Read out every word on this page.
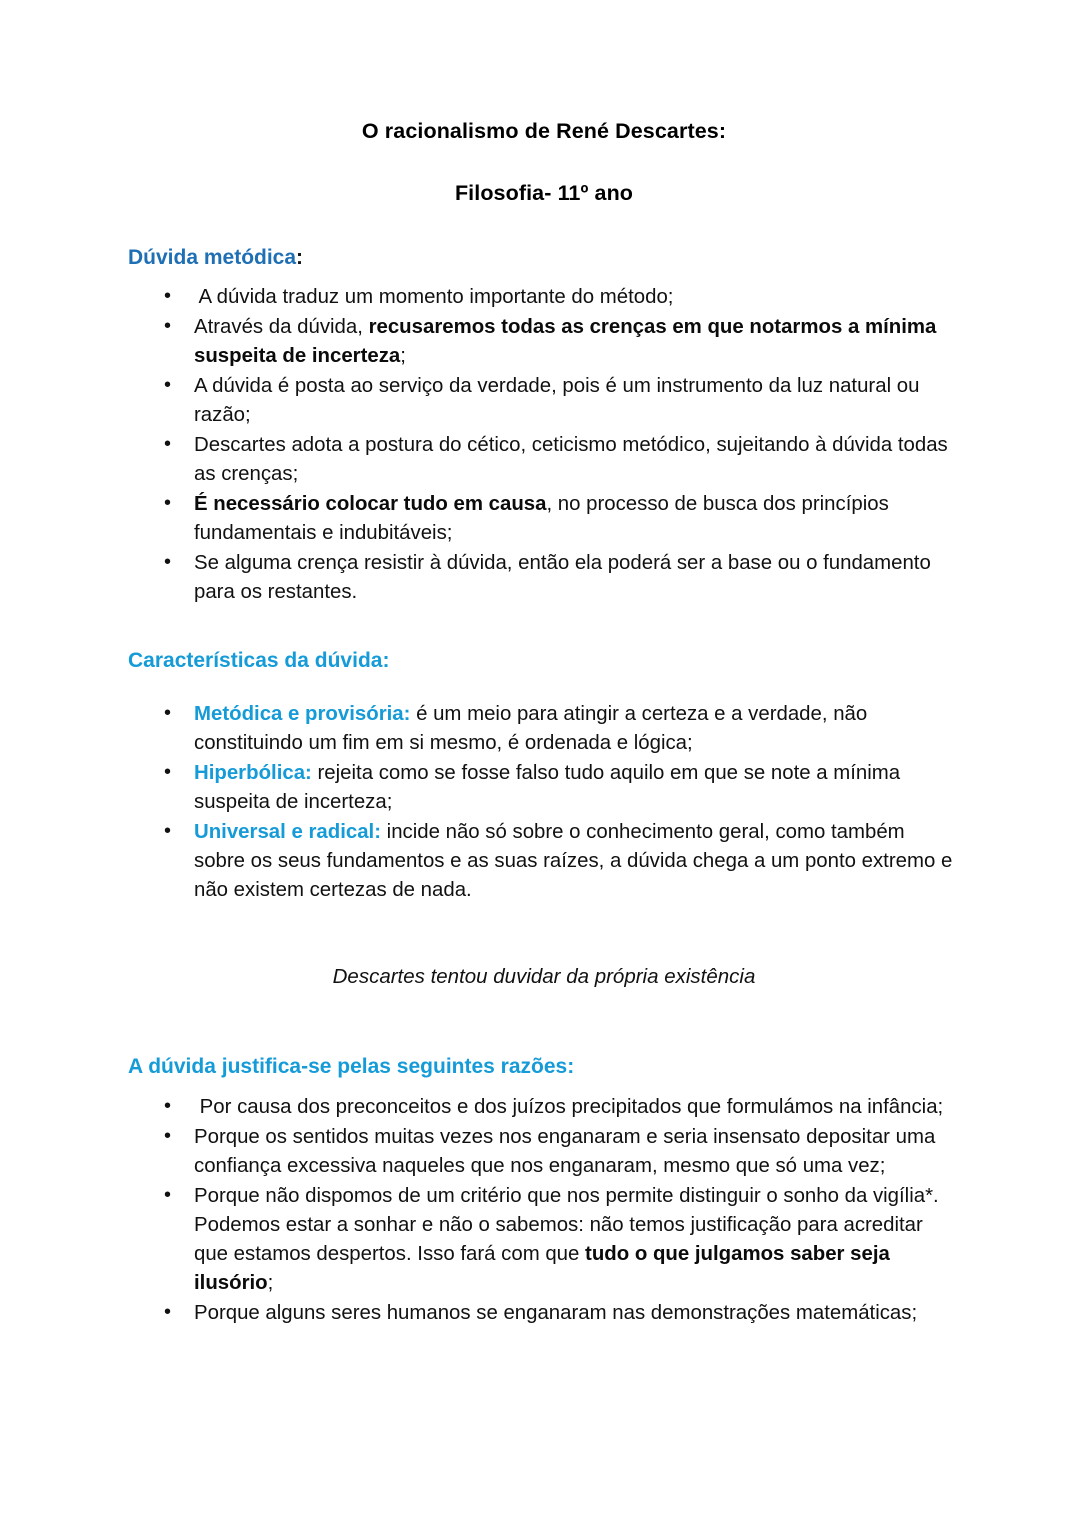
O racionalismo de René Descartes:
Filosofia- 11º ano

Dúvida metódica:

• A dúvida traduz um momento importante do método;
• Através da dúvida, recusaremos todas as crenças em que notarmos a mínima suspeita de incerteza;
• A dúvida é posta ao serviço da verdade, pois é um instrumento da luz natural ou razão;
• Descartes adota a postura do cético, ceticismo metódico, sujeitando à dúvida todas as crenças;
• É necessário colocar tudo em causa, no processo de busca dos princípios fundamentais e indubitáveis;
• Se alguma crença resistir à dúvida, então ela poderá ser a base ou o fundamento para os restantes.

Características da dúvida:

• Metódica e provisória: é um meio para atingir a certeza e a verdade, não constituindo um fim em si mesmo, é ordenada e lógica;
• Hiperbólica: rejeita como se fosse falso tudo aquilo em que se note a mínima suspeita de incerteza;
• Universal e radical: incide não só sobre o conhecimento geral, como também sobre os seus fundamentos e as suas raízes, a dúvida chega a um ponto extremo e não existem certezas de nada.

Descartes tentou duvidar da própria existência

A dúvida justifica-se pelas seguintes razões:

• Por causa dos preconceitos e dos juízos precipitados que formulámos na infância;
• Porque os sentidos muitas vezes nos enganaram e seria insensato depositar uma confiança excessiva naqueles que nos enganaram, mesmo que só uma vez;
• Porque não dispomos de um critério que nos permite distinguir o sonho da vigília*. Podemos estar a sonhar e não o sabemos: não temos justificação para acreditar que estamos despertos. Isso fará com que tudo o que julgamos saber seja ilusório;
• Porque alguns seres humanos se enganaram nas demonstrações matemáticas;
